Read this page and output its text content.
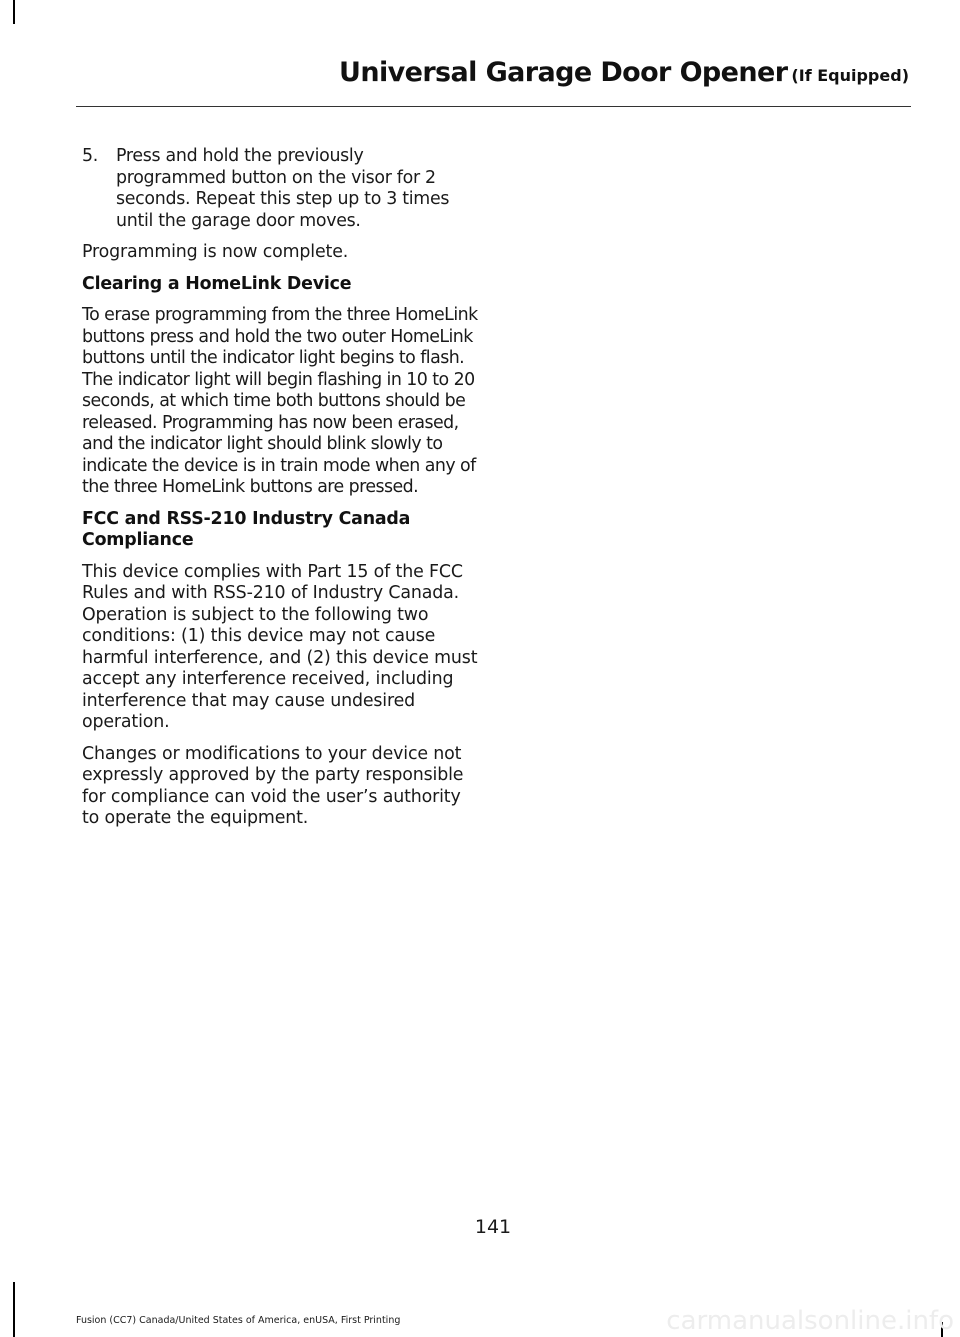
Universal Garage Door Opener (If Equipped)
5. Press and hold the previously programmed button on the visor for 2 seconds. Repeat this step up to 3 times until the garage door moves.

Programming is now complete.

Clearing a HomeLink Device

To erase programming from the three HomeLink buttons press and hold the two outer HomeLink buttons until the indicator light begins to flash. The indicator light will begin flashing in 10 to 20 seconds, at which time both buttons should be released. Programming has now been erased, and the indicator light should blink slowly to indicate the device is in train mode when any of the three HomeLink buttons are pressed.

FCC and RSS-210 Industry Canada Compliance

This device complies with Part 15 of the FCC Rules and with RSS-210 of Industry Canada. Operation is subject to the following two conditions: (1) this device may not cause harmful interference, and (2) this device must accept any interference received, including interference that may cause undesired operation.

Changes or modifications to your device not expressly approved by the party responsible for compliance can void the user’s authority to operate the equipment.

141
Fusion (CC7) Canada/United States of America, enUSA, First Printing	carmanualsonline.info
